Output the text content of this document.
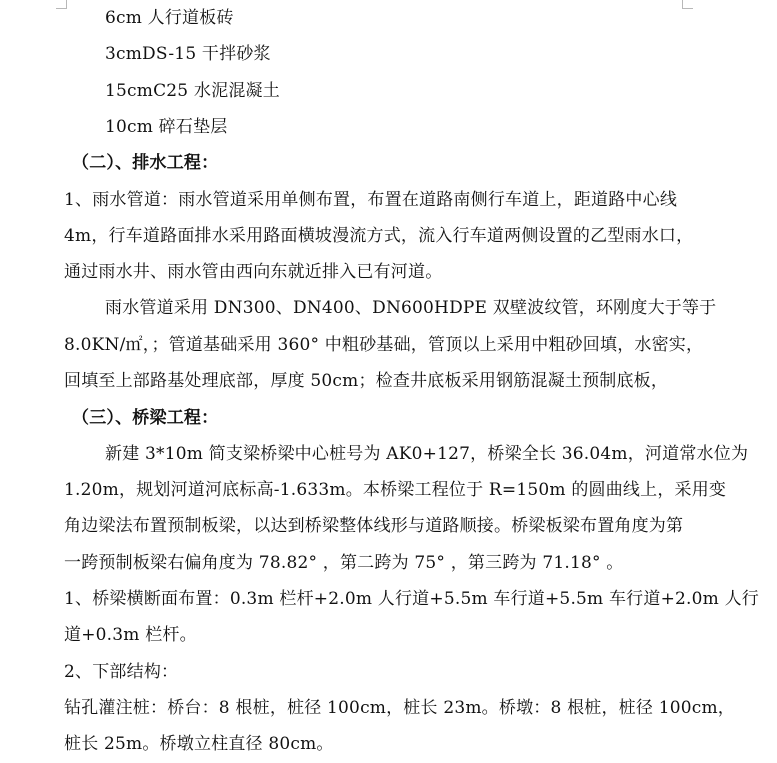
6cm 人行道板砖
3cmDS-15 干拌砂浆
15cmC25 水泥混凝土
10cm 碎石垫层
（二）、排水工程：
1、雨水管道：雨水管道采用单侧布置，布置在道路南侧行车道上，距道路中心线
4m，行车道路面排水采用路面横坡漫流方式，流入行车道两侧设置的乙型雨水口，
通过雨水井、雨水管由西向东就近排入已有河道。
雨水管道采用 DN300、DN400、DN600HDPE 双壁波纹管，环刚度大于等于
8.0KN/㎡，；管道基础采用 360° 中粗砂基础，管顶以上采用中粗砂回填，水密实，
回填至上部路基处理底部，厚度 50cm；检查井底板采用钢筋混凝土预制底板，
（三）、桥梁工程：
新建 3*10m 简支梁桥梁中心桩号为 AK0+127，桥梁全长 36.04m，河道常水位为
1.20m，规划河道河底标高-1.633m。本桥梁工程位于 R=150m 的圆曲线上，采用变
角边梁法布置预制板梁，以达到桥梁整体线形与道路顺接。桥梁板梁布置角度为第
一跨预制板梁右偏角度为 78.82° ，第二跨为 75° ，第三跨为 71.18° 。
1、桥梁横断面布置：0.3m 栏杆+2.0m 人行道+5.5m 车行道+5.5m 车行道+2.0m 人行
道+0.3m 栏杆。
2、下部结构：
钻孔灌注桩：桥台：8 根桩，桩径 100cm，桩长 23m。桥墩：8 根桩，桩径 100cm，
桩长 25m。桥墩立柱直径 80cm。
